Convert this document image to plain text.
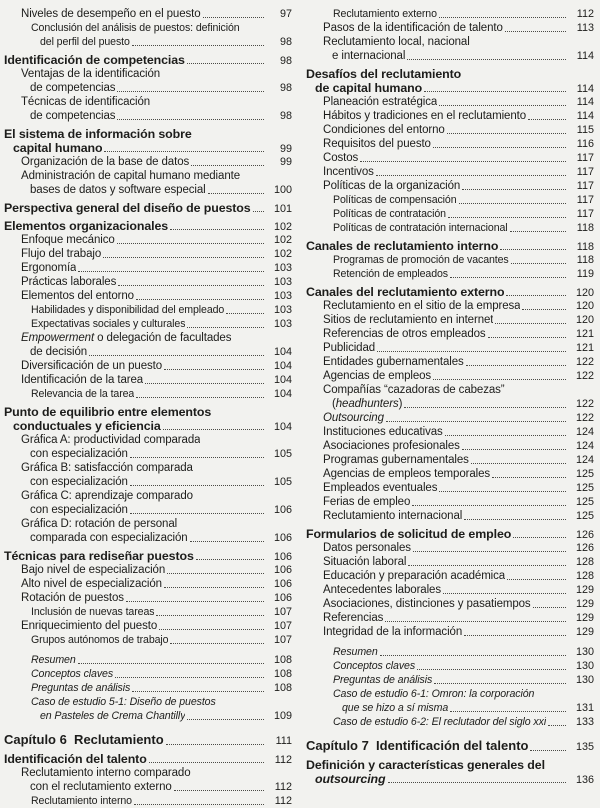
Niveles de desempeño en el puesto	97
Conclusión del análisis de puestos: definición
del perfil del puesto	98
Identificación de competencias	98
Ventajas de la identificación
de competencias	98
Técnicas de identificación
de competencias	98
El sistema de información sobre
capital humano	99
Organización de la base de datos	99
Administración de capital humano mediante
bases de datos y software especial	100
Perspectiva general del diseño de puestos	101
Elementos organizacionales	102
Enfoque mecánico	102
Flujo del trabajo	102
Ergonomía	103
Prácticas laborales	103
Elementos del entorno	103
Habilidades y disponibilidad del empleado	103
Expectativas sociales y culturales	103
Empowerment o delegación de facultades
de decisión	104
Diversificación de un puesto	104
Identificación de la tarea	104
Relevancia de la tarea	104
Punto de equilibrio entre elementos
conductuales y eficiencia	104
Gráfica A: productividad comparada
con especialización	105
Gráfica B: satisfacción comparada
con especialización	105
Gráfica C: aprendizaje comparado
con especialización	106
Gráfica D: rotación de personal
comparada con especialización	106
Técnicas para rediseñar puestos	106
Bajo nivel de especialización	106
Alto nivel de especialización	106
Rotación de puestos	106
Inclusión de nuevas tareas	107
Enriquecimiento del puesto	107
Grupos autónomos de trabajo	107
Resumen	108
Conceptos claves	108
Preguntas de análisis	108
Caso de estudio 5-1: Diseño de puestos
en Pasteles de Crema Chantilly	109
Capítulo 6  Reclutamiento	111
Identificación del talento	112
Reclutamiento interno comparado
con el reclutamiento externo	112
Reclutamiento interno	112
Reclutamiento externo	112
Pasos de la identificación de talento	113
Reclutamiento local, nacional
e internacional	114
Desafíos del reclutamiento
de capital humano	114
Planeación estratégica	114
Hábitos y tradiciones en el reclutamiento	114
Condiciones del entorno	115
Requisitos del puesto	116
Costos	117
Incentivos	117
Políticas de la organización	117
Políticas de compensación	117
Políticas de contratación	117
Políticas de contratación internacional	118
Canales de reclutamiento interno	118
Programas de promoción de vacantes	118
Retención de empleados	119
Canales del reclutamiento externo	120
Reclutamiento en el sitio de la empresa	120
Sitios de reclutamiento en internet	120
Referencias de otros empleados	121
Publicidad	121
Entidades gubernamentales	122
Agencias de empleos	122
Compañías “cazadoras de cabezas”
(headhunters)	122
Outsourcing	122
Instituciones educativas	124
Asociaciones profesionales	124
Programas gubernamentales	124
Agencias de empleos temporales	125
Empleados eventuales	125
Ferias de empleo	125
Reclutamiento internacional	125
Formularios de solicitud de empleo	126
Datos personales	126
Situación laboral	128
Educación y preparación académica	128
Antecedentes laborales	129
Asociaciones, distinciones y pasatiempos	129
Referencias	129
Integridad de la información	129
Resumen	130
Conceptos claves	130
Preguntas de análisis	130
Caso de estudio 6-1: Omron: la corporación
que se hizo a sí misma	131
Caso de estudio 6-2: El reclutador del siglo xxi	133
Capítulo 7  Identificación del talento	135
Definición y características generales del
outsourcing	136
